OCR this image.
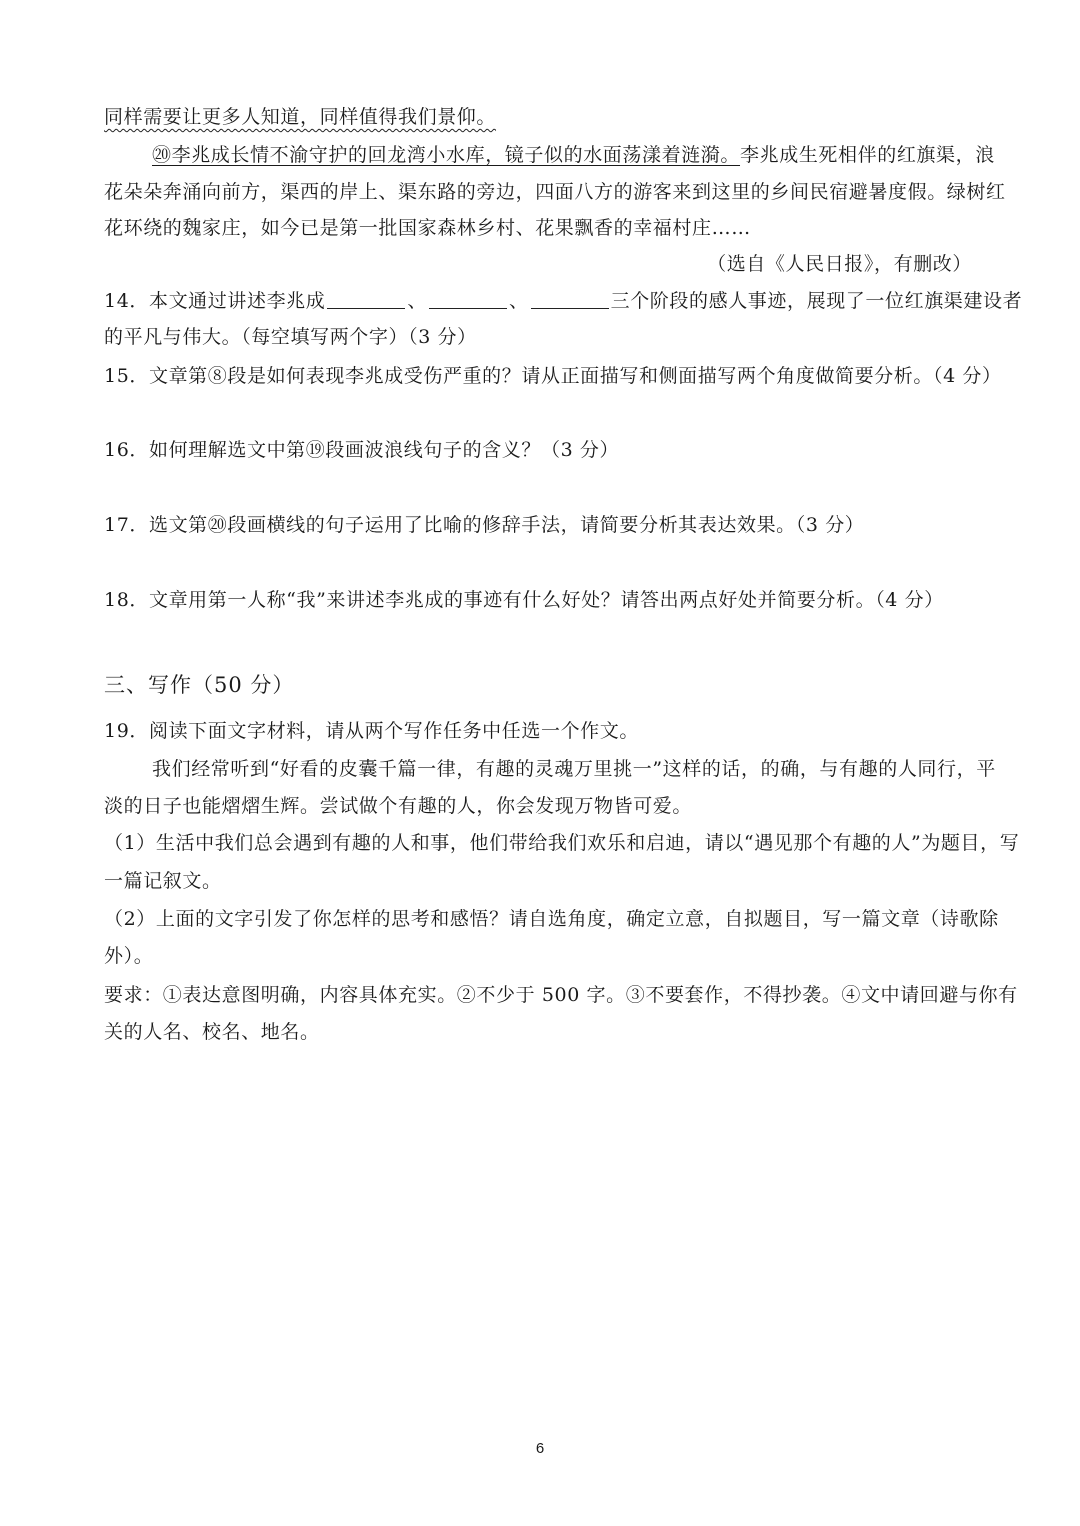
同样需要让更多人知道，同样值得我们景仰。
⑳李兆成长情不渝守护的回龙湾小水库，镜子似的水面荡漾着涟漪。李兆成生死相伴的红旗渠，浪
花朵朵奔涌向前方，渠西的岸上、渠东路的旁边，四面八方的游客来到这里的乡间民宿避暑度假。绿树红
花环绕的魏家庄，如今已是第一批国家森林乡村、花果飘香的幸福村庄……
（选自《人民日报》，有删改）
14．本文通过讲述李兆成	、	、	三个阶段的感人事迹，展现了一位红旗渠建设者
的平凡与伟大。（每空填写两个字）（3 分）
15．文章第⑧段是如何表现李兆成受伤严重的？请从正面描写和侧面描写两个角度做简要分析。（4 分）
16．如何理解选文中第⑲段画波浪线句子的含义？（3 分）
17．选文第⑳段画横线的句子运用了比喻的修辞手法，请简要分析其表达效果。（3 分）
18．文章用第一人称“我”来讲述李兆成的事迹有什么好处？请答出两点好处并简要分析。（4 分）
三、写作（50 分）
19．阅读下面文字材料，请从两个写作任务中任选一个作文。
我们经常听到“好看的皮囊千篇一律，有趣的灵魂万里挑一”这样的话，的确，与有趣的人同行，平
淡的日子也能熠熠生辉。尝试做个有趣的人，你会发现万物皆可爱。
（1）生活中我们总会遇到有趣的人和事，他们带给我们欢乐和启迪，请以“遇见那个有趣的人”为题目，写
一篇记叙文。
（2）上面的文字引发了你怎样的思考和感悟？请自选角度，确定立意，自拟题目，写一篇文章（诗歌除
外）。
要求：①表达意图明确，内容具体充实。②不少于 500 字。③不要套作，不得抄袭。④文中请回避与你有
关的人名、校名、地名。
6
